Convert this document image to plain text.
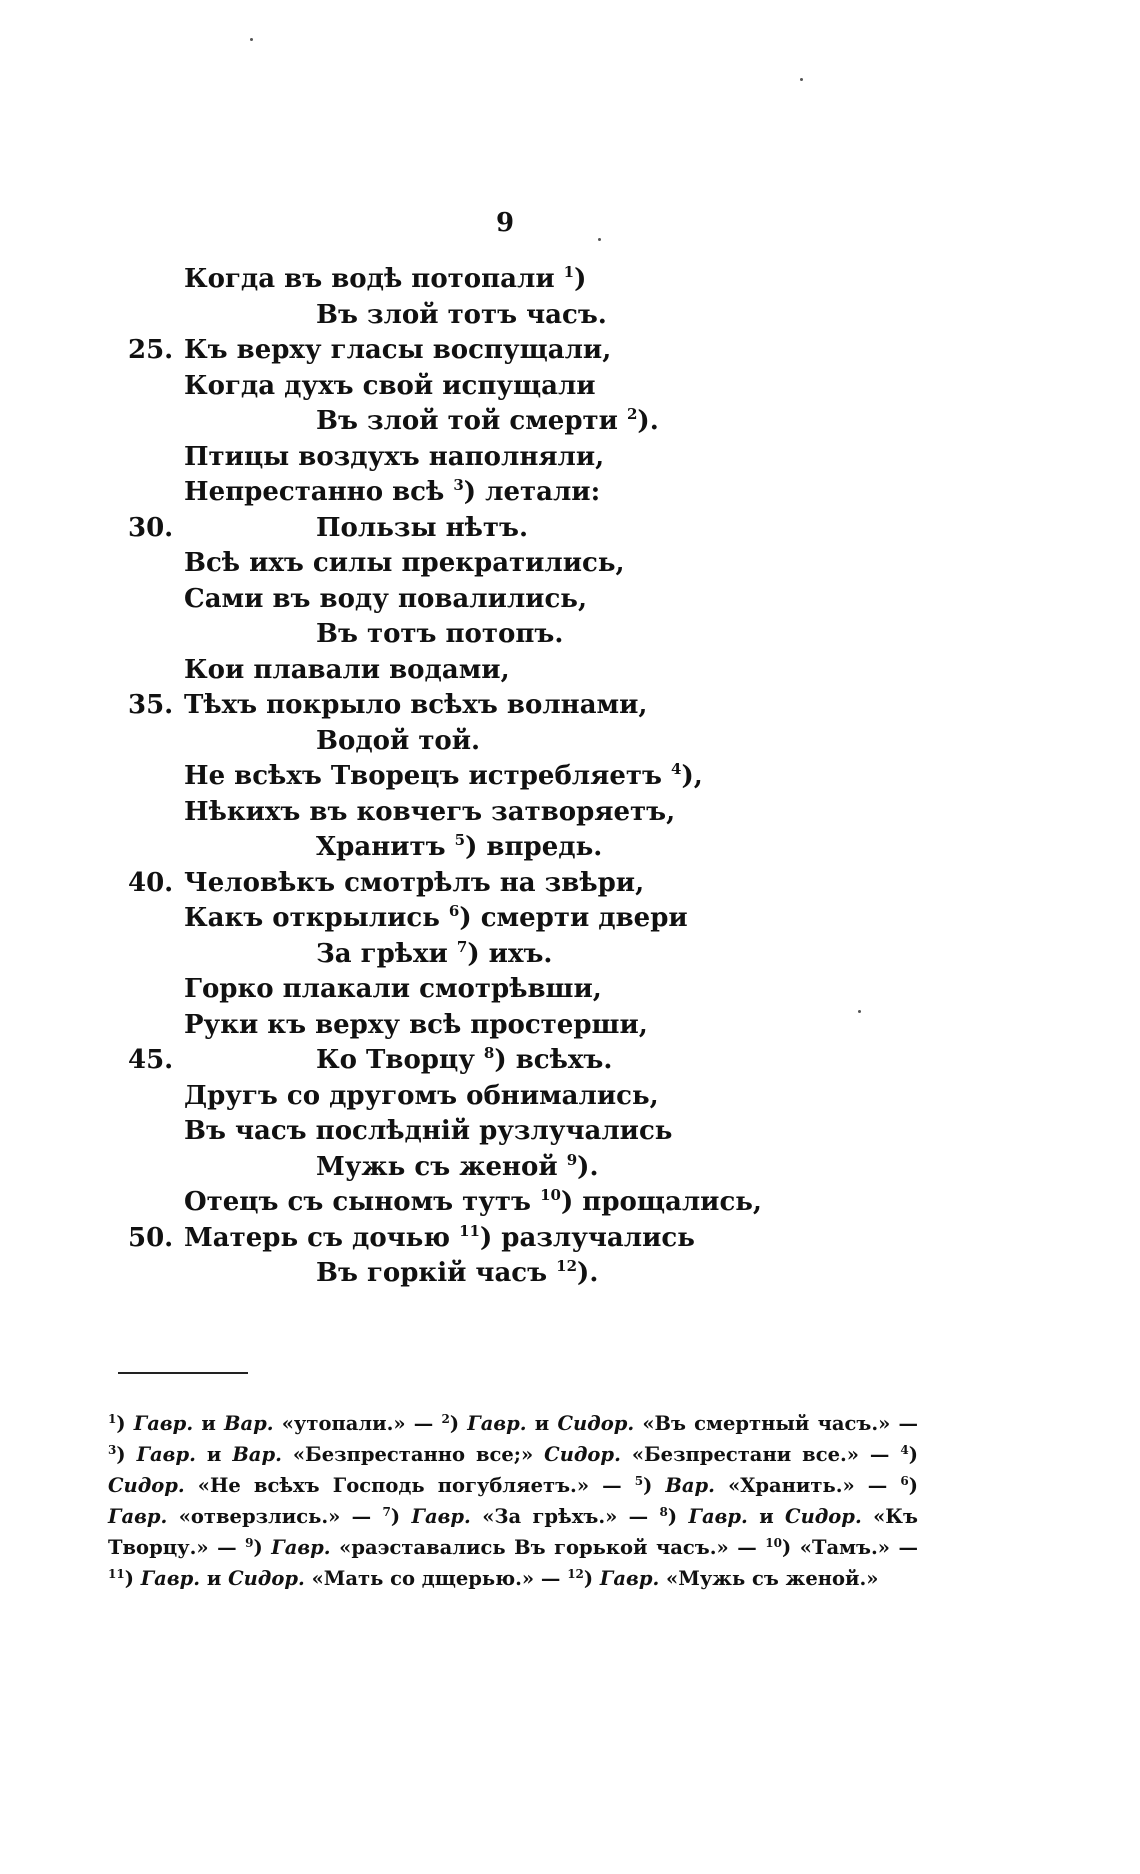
9
Когда въ водѣ потопали $^1$)
Въ злой тотъ часъ.
25. Къ верху гласы воспущали,
Когда духъ свой испущали
Въ злой той смерти $^2$).
Птицы воздухъ наполняли,
Непрестанно всѣ $^3$) летали:
30.	Пользы нѣтъ.
Всѣ ихъ силы прекратились,
Сами въ воду повалились,
Въ тотъ потопъ.
Кои плавали водами,
35. Тѣхъ покрыло всѣхъ волнами,
Водой той.
Не всѣхъ Творецъ истребляетъ $^4$),
Нѣкихъ въ ковчегъ затворяетъ,
Хранитъ $^5$) впредь.
40. Человѣкъ смотрѣлъ на звѣри,
Какъ открылись $^6$) смерти двери
За грѣхи $^7$) ихъ.
Горко плакали смотрѣвши,
Руки къ верху всѣ простерши,
45.	Ко Творцу $^8$) всѣхъ.
Другъ со другомъ обнимались,
Въ часъ послѣдній рузлучались
Мужь съ женой $^9$).
Отецъ съ сыномъ тутъ $^{10}$) прощались,
50. Матерь съ дочью $^{11}$) разлучались
Въ горкій часъ $^{12}$).
$^1$) Гавр. и Вар. «утопали.» — $^2$) Гавр. и Сидор. «Въ смертный часъ.» — $^3$) Гавр. и Вар. «Безпрестанно все;» Сидор. «Безпрестани все.» — $^4$) Сидор. «Не всѣхъ Господь погубляетъ.» — $^5$) Вар. «Хранить.» — $^6$) Гавр. «отверзлись.» — $^7$) Гавр. «За грѣхъ.» — $^8$) Гавр. и Сидор. «Къ Творцу.» — $^9$) Гавр. «раэставались Въ горькой часъ.» — $^{10}$) «Тамъ.» — $^{11}$) Гавр. и Сидор. «Мать со дщерью.» — $^{12}$) Гавр. «Мужь съ женой.»
